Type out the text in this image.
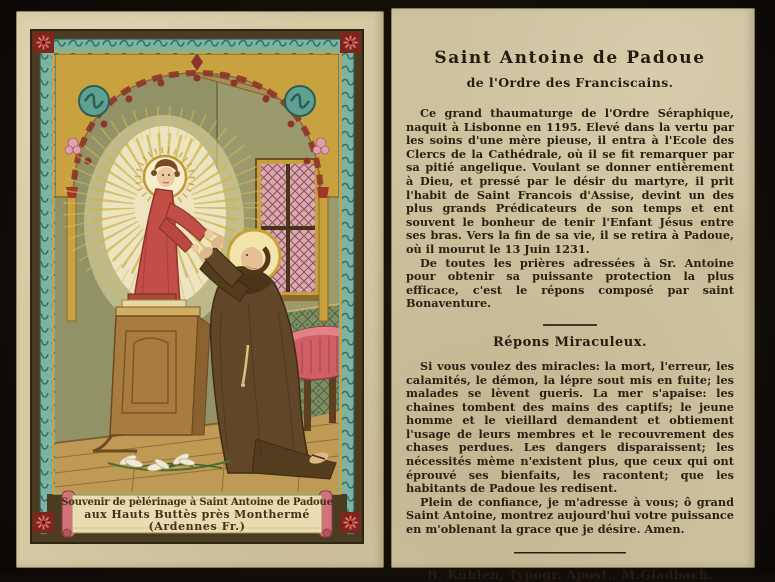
Souvenir de pèlérinage à Saint Antoine de Padoue
aux Hauts Buttès près Monthermé
(Ardennes Fr.)
Saint Antoine de Padoue
de l'Ordre des Franciscains.
Ce grand thaumaturge de l'Ordre Séraphique, naquit à Lisbonne en 1195. Elevé dans la vertu par les soins d'une mère pieuse, il entra à l'Ecole des Clercs de la Cathédrale, où il se fit remarquer par sa pitié angelique. Voulant se donner entièrement à Dieu, et pressé par le désir du martyre, il prit l'habit de Saint Francois d'Assise, devint un des plus grands Prédicateurs de son temps et ent souvent le bonheur de tenir l'Enfant Jésus entre ses bras. Vers la fin de sa vie, il se retira à Padoue, où il mourut le 13 Juin 1231.
De toutes les prières adressées à Sr. Antoine pour obtenir sa puissante protection la plus efficace, c'est le répons composé par saint Bonaventure.
Répons Miraculeux.
Si vous voulez des miracles: la mort, l'erreur, les calamités, le démon, la lépre sout mis en fuite; les malades se lèvent gueris. La mer s'apaise: les chaines tombent des mains des captifs; le jeune homme et le vieillard demandent et obtiement l'usage de leurs membres et le recouvrement des chases perdues. Les dangers disparaissent; les nécessités mème n'existent plus, que ceux qui ont éprouvé ses bienfaits, les racontent; que les habitants de Padoue les redisent.
Plein de confiance, je m'adresse à vous; ô grand Saint Antoine, montrez aujourd'hui votre puissance en m'oblenant la grace que je désire. Amen.
B. Kühlen, Typogr. Apost., M.Gladbach.
